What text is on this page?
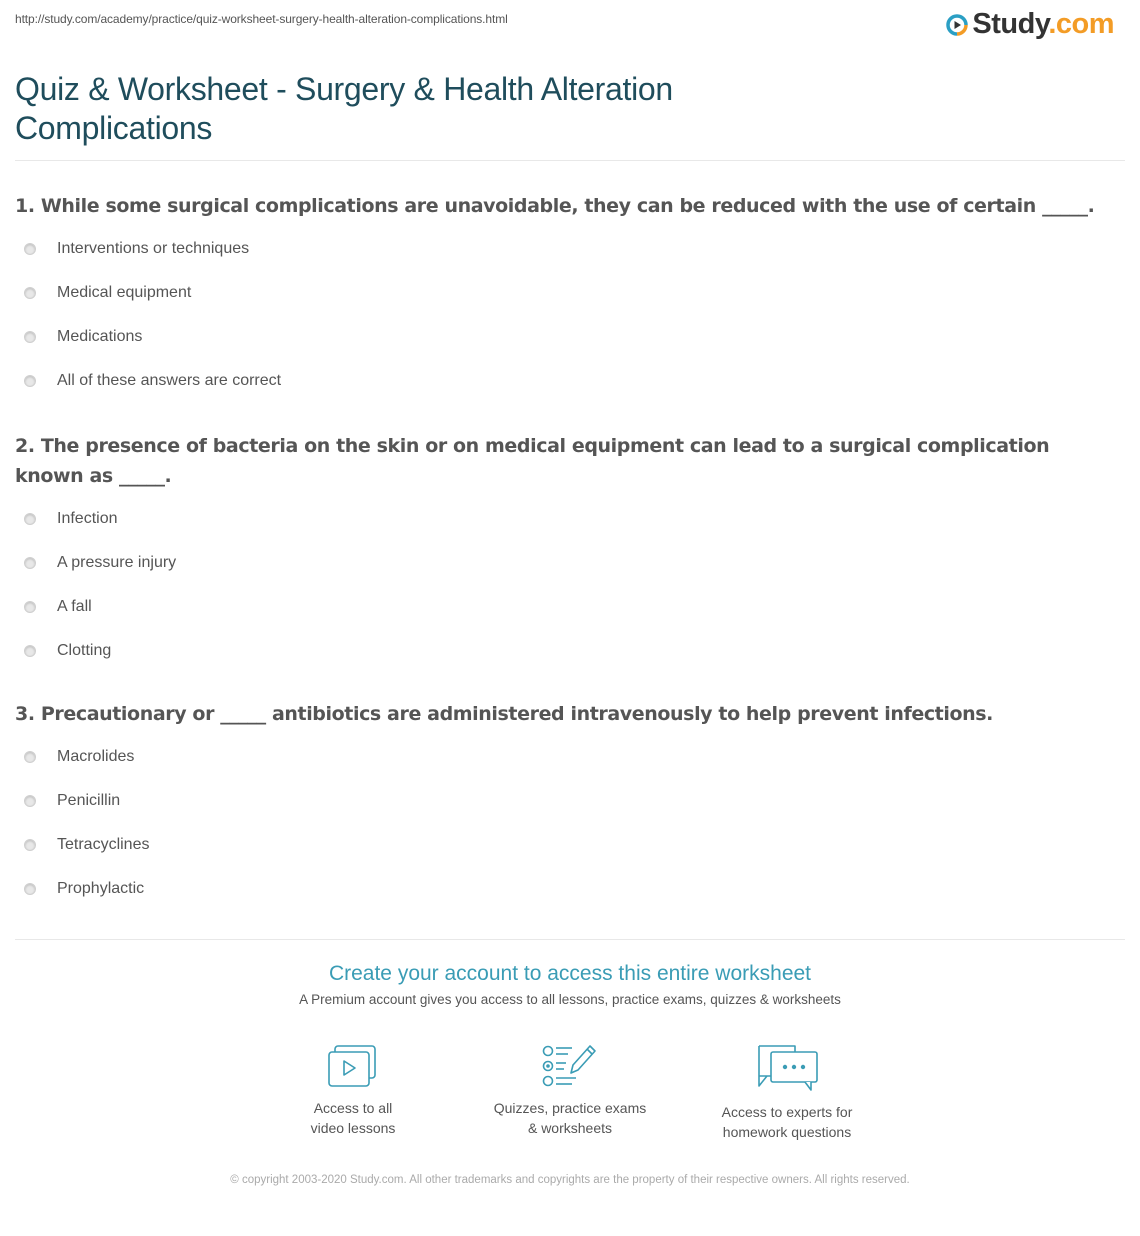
http://study.com/academy/practice/quiz-worksheet-surgery-health-alteration-complications.html	Study.com
Quiz & Worksheet - Surgery & Health Alteration Complications

1. While some surgical complications are unavoidable, they can be reduced with the use of certain _____.

Interventions or techniques
Medical equipment
Medications
All of these answers are correct

2. The presence of bacteria on the skin or on medical equipment can lead to a surgical complication known as _____.

Infection
A pressure injury
A fall
Clotting

3. Precautionary or _____ antibiotics are administered intravenously to help prevent infections.

Macrolides
Penicillin
Tetracyclines
Prophylactic
Create your account to access this entire worksheet
A Premium account gives you access to all lessons, practice exams, quizzes & worksheets
Access to all
video lessons
Quizzes, practice exams
& worksheets
Access to experts for
homework questions
© copyright 2003-2020 Study.com. All other trademarks and copyrights are the property of their respective owners. All rights reserved.
